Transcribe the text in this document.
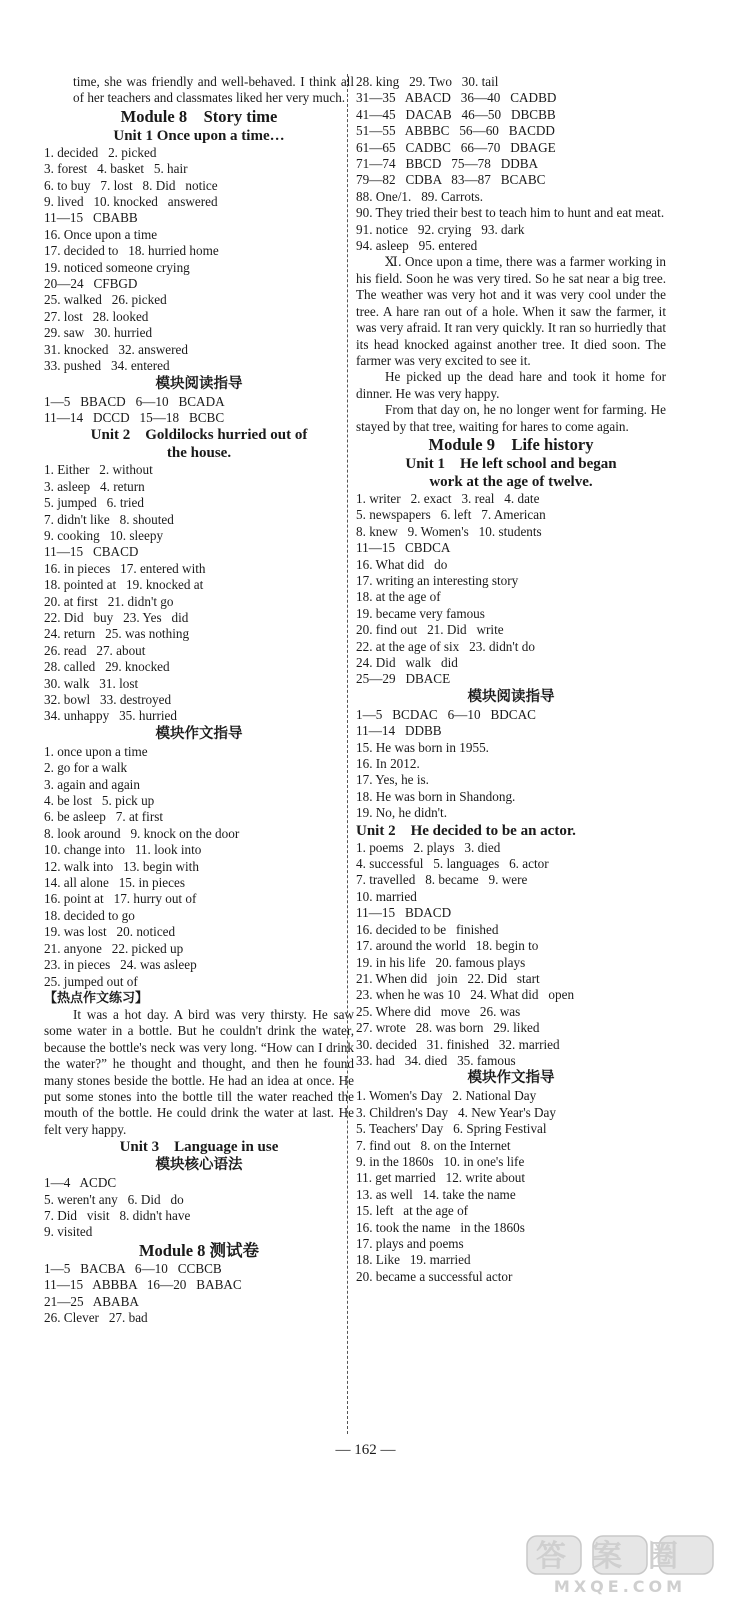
time, she was friendly and well-behaved. I think all of her teachers and classmates liked her very much.
Module 8    Story time
Unit 1 Once upon a time…
1. decided   2. picked
3. forest   4. basket   5. hair
6. to buy   7. lost   8. Did   notice
9. lived   10. knocked   answered
11—15   CBABB
16. Once upon a time
17. decided to   18. hurried home
19. noticed someone crying
20—24   CFBGD
25. walked   26. picked
27. lost   28. looked
29. saw   30. hurried
31. knocked   32. answered
33. pushed   34. entered
模块阅读指导
1—5   BBACD   6—10   BCADA
11—14   DCCD   15—18   BCBC
Unit 2    Goldilocks hurried out of
the house.
1. Either   2. without
3. asleep   4. return
5. jumped   6. tried
7. didn't like   8. shouted
9. cooking   10. sleepy
11—15   CBACD
16. in pieces   17. entered with
18. pointed at   19. knocked at
20. at first   21. didn't go
22. Did   buy   23. Yes   did
24. return   25. was nothing
26. read   27. about
28. called   29. knocked
30. walk   31. lost
32. bowl   33. destroyed
34. unhappy   35. hurried
模块作文指导
1. once upon a time
2. go for a walk
3. again and again
4. be lost   5. pick up
6. be asleep   7. at first
8. look around   9. knock on the door
10. change into   11. look into
12. walk into   13. begin with
14. all alone   15. in pieces
16. point at   17. hurry out of
18. decided to go
19. was lost   20. noticed
21. anyone   22. picked up
23. in pieces   24. was asleep
25. jumped out of
【热点作文练习】
It was a hot day. A bird was very thirsty. He saw some water in a bottle. But he couldn't drink the water, because the bottle's neck was very long. “How can I drink the water?” he thought and thought, and then he found many stones beside the bottle. He had an idea at once. He put some stones into the bottle till the water reached the mouth of the bottle. He could drink the water at last. He felt very happy.
Unit 3    Language in use
模块核心语法
1—4   ACDC
5. weren't any   6. Did   do
7. Did   visit   8. didn't have
9. visited
Module 8 测试卷
1—5   BACBA   6—10   CCBCB
11—15   ABBBA   16—20   BABAC
21—25   ABABA
26. Clever   27. bad
28. king   29. Two   30. tail
31—35   ABACD   36—40   CADBD
41—45   DACAB   46—50   DBCBB
51—55   ABBBC   56—60   BACDD
61—65   CADBC   66—70   DBAGE
71—74   BBCD   75—78   DDBA
79—82   CDBA   83—87   BCABC
88. One/1.   89. Carrots.
90. They tried their best to teach him to hunt and eat meat.
91. notice   92. crying   93. dark
94. asleep   95. entered
Ⅺ. Once upon a time, there was a farmer working in his field. Soon he was very tired. So he sat near a big tree. The weather was very hot and it was very cool under the tree. A hare ran out of a hole. When it saw the farmer, it was very afraid. It ran very quickly. It ran so hurriedly that its head knocked against another tree. It died soon. The farmer was very excited to see it.
He picked up the dead hare and took it home for dinner. He was very happy.
From that day on, he no longer went for farming. He stayed by that tree, waiting for hares to come again.
Module 9    Life history
Unit 1    He left school and began
work at the age of twelve.
1. writer   2. exact   3. real   4. date
5. newspapers   6. left   7. American
8. knew   9. Women's   10. students
11—15   CBDCA
16. What did   do
17. writing an interesting story
18. at the age of
19. became very famous
20. find out   21. Did   write
22. at the age of six   23. didn't do
24. Did   walk   did
25—29   DBACE
模块阅读指导
1—5   BCDAC   6—10   BDCAC
11—14   DDBB
15. He was born in 1955.
16. In 2012.
17. Yes, he is.
18. He was born in Shandong.
19. No, he didn't.
Unit 2    He decided to be an actor.
1. poems   2. plays   3. died
4. successful   5. languages   6. actor
7. travelled   8. became   9. were
10. married
11—15   BDACD
16. decided to be   finished
17. around the world   18. begin to
19. in his life   20. famous plays
21. When did   join   22. Did   start
23. when he was 10   24. What did   open
25. Where did   move   26. was
27. wrote   28. was born   29. liked
30. decided   31. finished   32. married
33. had   34. died   35. famous
模块作文指导
1. Women's Day   2. National Day
3. Children's Day   4. New Year's Day
5. Teachers' Day   6. Spring Festival
7. find out   8. on the Internet
9. in the 1860s   10. in one's life
11. get married   12. write about
13. as well   14. take the name
15. left   at the age of
16. took the name   in the 1860s
17. plays and poems
18. Like   19. married
20. became a successful actor
— 162 —
答案圈
MXQE.COM
